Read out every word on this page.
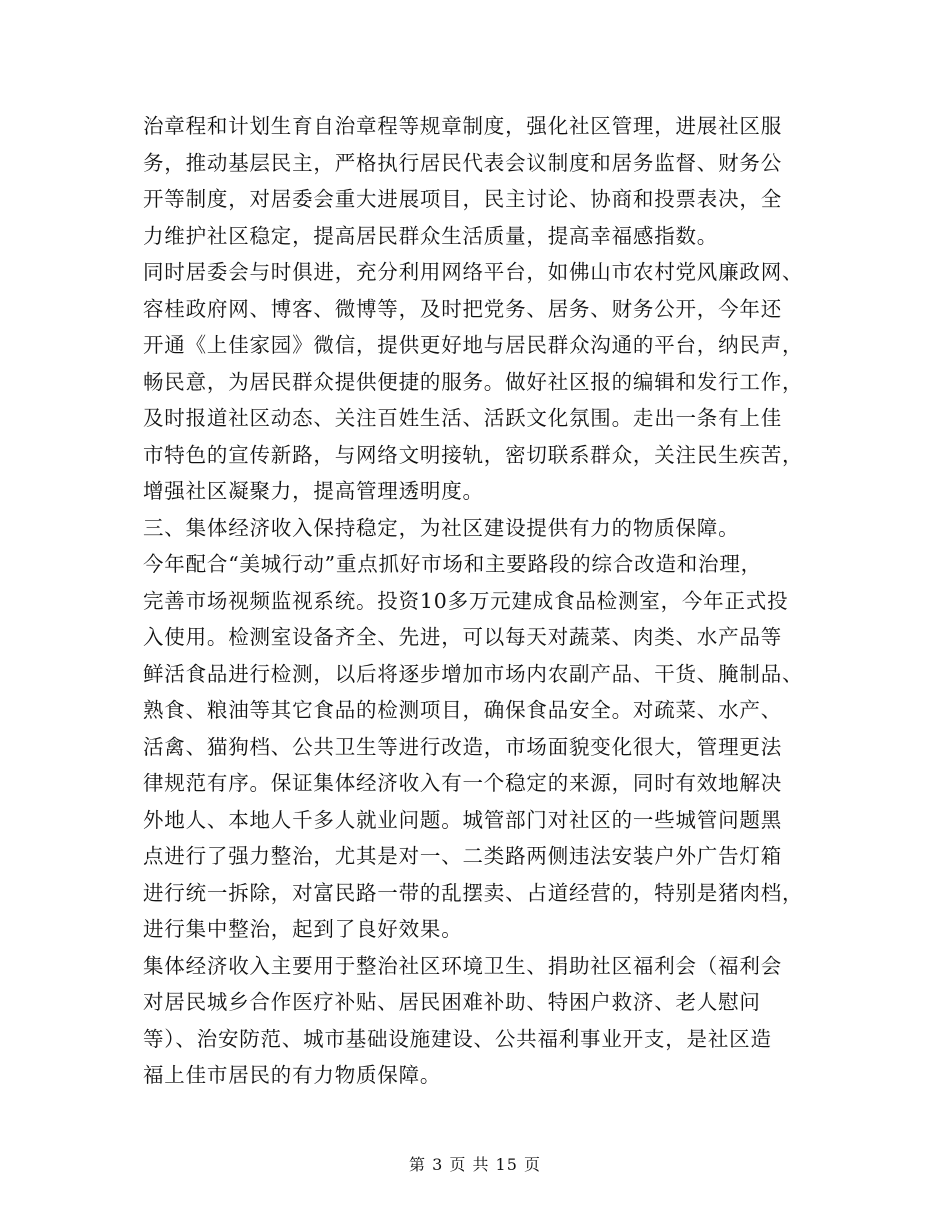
治章程和计划生育自治章程等规章制度，强化社区管理，进展社区服
务，推动基层民主，严格执行居民代表会议制度和居务监督、财务公
开等制度，对居委会重大进展项目，民主讨论、协商和投票表决，全
力维护社区稳定，提高居民群众生活质量，提高幸福感指数。
同时居委会与时俱进，充分利用网络平台，如佛山市农村党风廉政网、
容桂政府网、博客、微博等，及时把党务、居务、财务公开，今年还
开通《上佳家园》微信，提供更好地与居民群众沟通的平台，纳民声，
畅民意，为居民群众提供便捷的服务。做好社区报的编辑和发行工作，
及时报道社区动态、关注百姓生活、活跃文化氛围。走出一条有上佳
市特色的宣传新路，与网络文明接轨，密切联系群众，关注民生疾苦，
增强社区凝聚力，提高管理透明度。
三、集体经济收入保持稳定，为社区建设提供有力的物质保障。
今年配合“美城行动”重点抓好市场和主要路段的综合改造和治理，
完善市场视频监视系统。投资10多万元建成食品检测室，今年正式投
入使用。检测室设备齐全、先进，可以每天对蔬菜、肉类、水产品等
鲜活食品进行检测，以后将逐步增加市场内农副产品、干货、腌制品、
熟食、粮油等其它食品的检测项目，确保食品安全。对疏菜、水产、
活禽、猫狗档、公共卫生等进行改造，市场面貌变化很大，管理更法
律规范有序。保证集体经济收入有一个稳定的来源，同时有效地解决
外地人、本地人千多人就业问题。城管部门对社区的一些城管问题黑
点进行了强力整治，尤其是对一、二类路两侧违法安装户外广告灯箱
进行统一拆除，对富民路一带的乱摆卖、占道经营的，特别是猪肉档，
进行集中整治，起到了良好效果。
集体经济收入主要用于整治社区环境卫生、捐助社区福利会（福利会
对居民城乡合作医疗补贴、居民困难补助、特困户救济、老人慰问
等）、治安防范、城市基础设施建设、公共福利事业开支，是社区造
福上佳市居民的有力物质保障。
第 3 页 共 15 页
